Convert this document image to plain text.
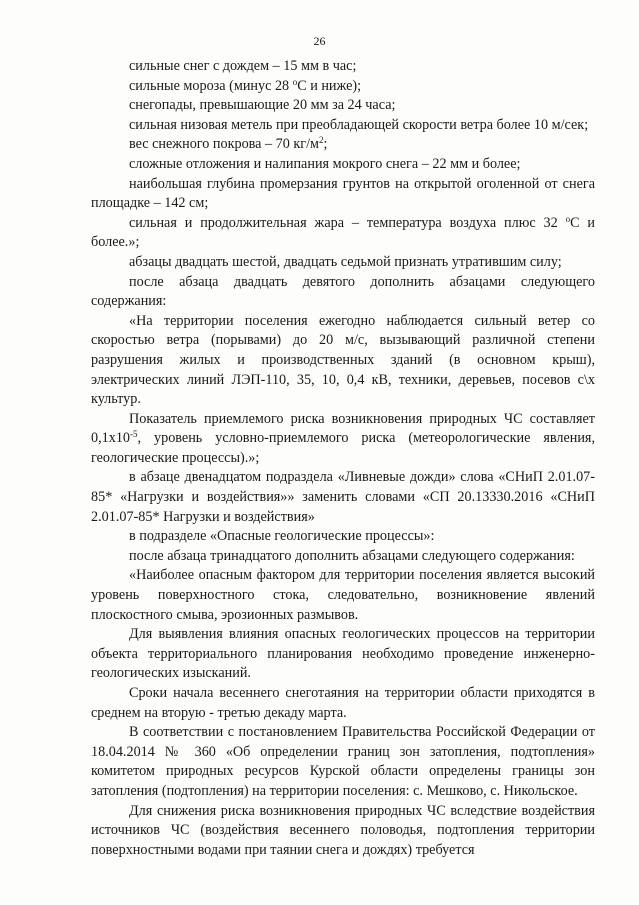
26

сильные снег с дождем – 15 мм в час;

сильные мороза (минус 28 $^о$С и ниже);

снегопады, превышающие 20 мм за 24 часа;

сильная низовая метель при преобладающей скорости ветра более 10 м/сек;

вес снежного покрова – 70 $кг/м^2$;

сложные отложения и налипания мокрого снега – 22 мм и более;

наибольшая глубина промерзания грунтов на открытой оголенной от снега площадке – 142 см;

сильная и продолжительная жара – температура воздуха плюс 32 $^о$С и более.»;

абзацы двадцать шестой, двадцать седьмой признать утратившим силу;

после абзаца двадцать девятого дополнить абзацами следующего содержания:

«На территории поселения ежегодно наблюдается сильный ветер со скоростью ветра (порывами) до 20 м/с, вызывающий различной степени разрушения жилых и производственных зданий (в основном крыш), электрических линий ЛЭП-110, 35, 10, 0,4 кВ, техники, деревьев, посевов с\х культур.

Показатель приемлемого риска возникновения природных ЧС составляет $0,1x10^{-5}$, уровень условно-приемлемого риска (метеорологические явления, геологические процессы).»;

в абзаце двенадцатом подраздела «Ливневые дожди» слова «СНиП 2.01.07-85* «Нагрузки и воздействия»» заменить словами «СП 20.13330.2016 «СНиП 2.01.07-85* Нагрузки и воздействия»

в подразделе «Опасные геологические процессы»:

после абзаца тринадцатого дополнить абзацами следующего содержания:

«Наиболее опасным фактором для территории поселения является высокий уровень поверхностного стока, следовательно, возникновение явлений плоскостного смыва, эрозионных размывов.

Для выявления влияния опасных геологических процессов на территории объекта территориального планирования необходимо проведение инженерно-геологических изысканий.

Сроки начала весеннего снеготаяния на территории области приходятся в среднем на вторую - третью декаду марта.

В соответствии с постановлением Правительства Российской Федерации от 18.04.2014 № 360 «Об определении границ зон затопления, подтопления» комитетом природных ресурсов Курской области определены границы зон затопления (подтопления) на территории поселения: с. Мешково, с. Никольское.

Для снижения риска возникновения природных ЧС вследствие воздействия источников ЧС (воздействия весеннего половодья, подтопления территории поверхностными водами при таянии снега и дождях) требуется
